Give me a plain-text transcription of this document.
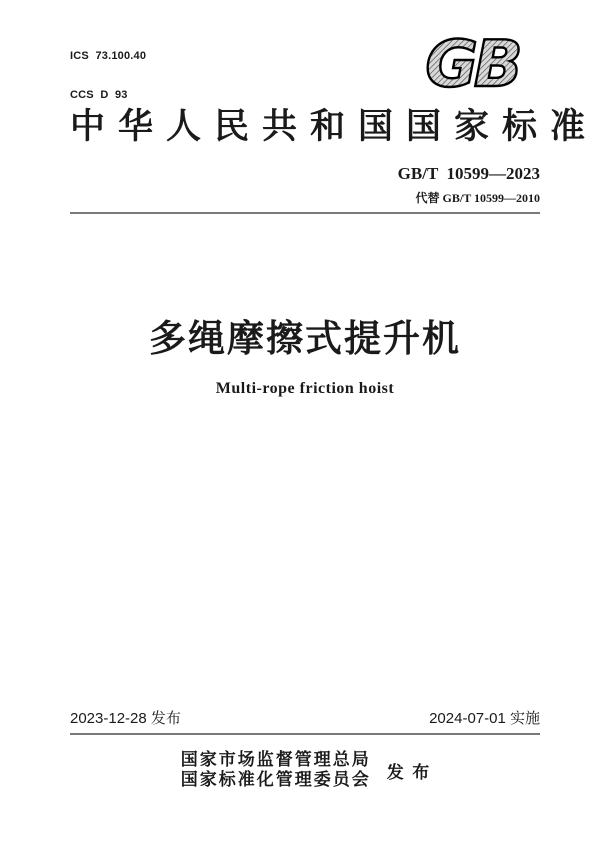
ICS  73.100.40

CCS  D  93

	GB
中华人民共和国国家标准
GB/T  10599—2023
代替 GB/T 10599—2010
多绳摩擦式提升机
Multi-rope friction hoist
2023-12-28 发布	2024-07-01 实施
国家市场监督管理总局
国家标准化管理委员会 发  布
